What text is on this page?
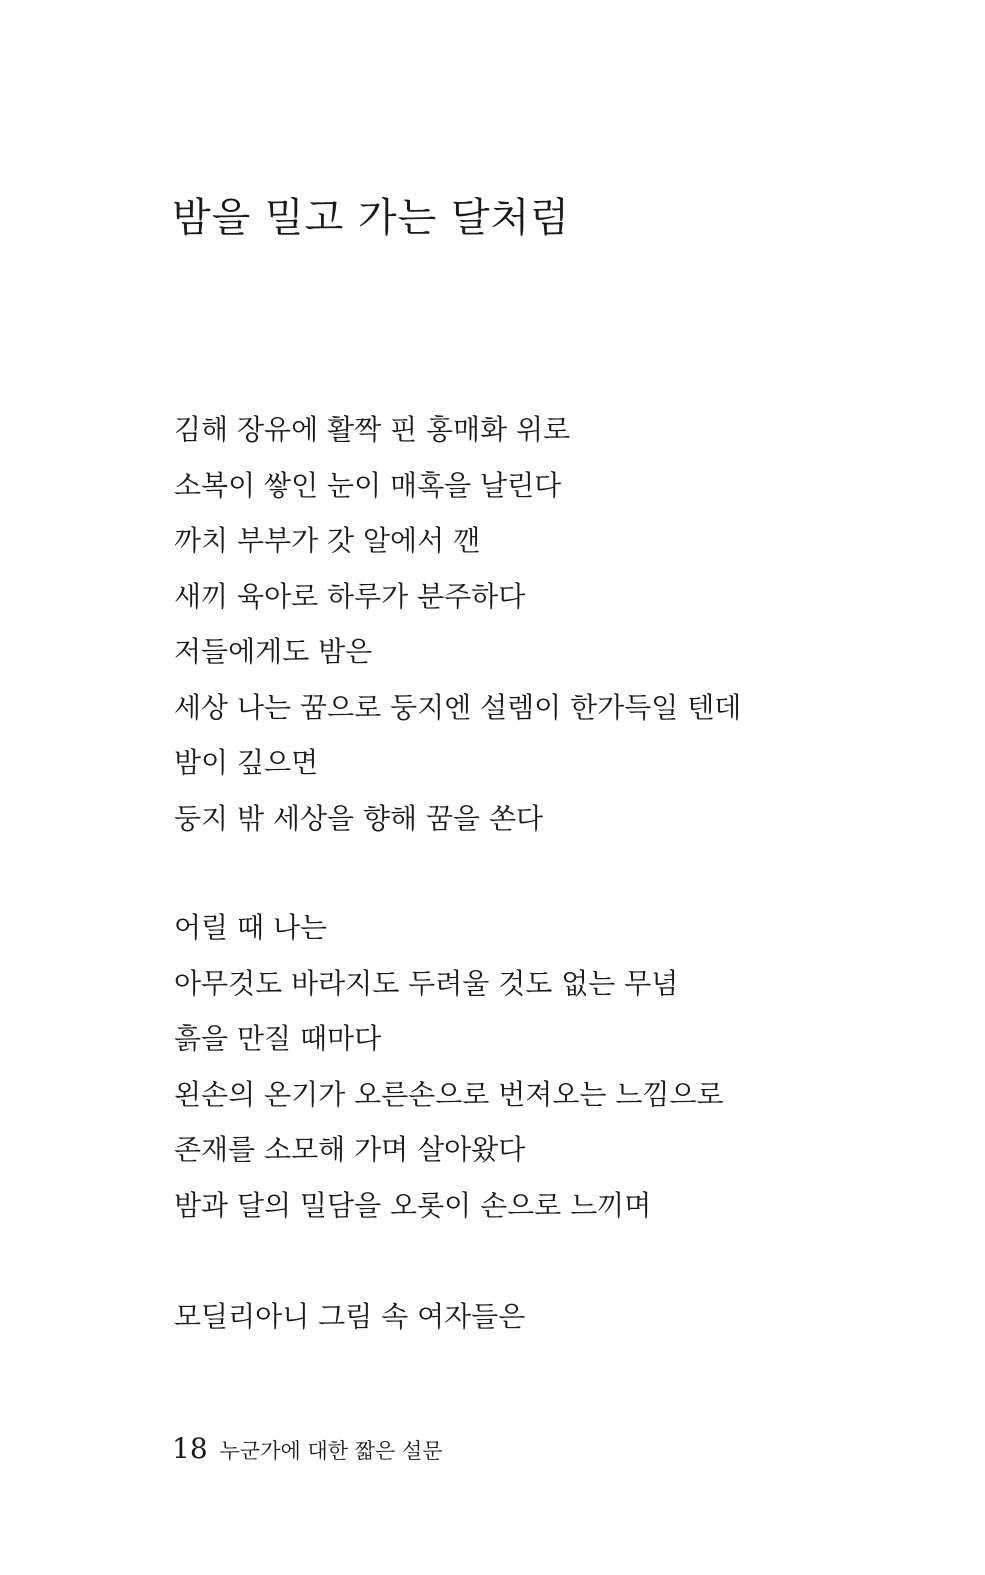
밤을 밀고 가는 달처럼
김해 장유에 활짝 핀 홍매화 위로
소복이 쌓인 눈이 매혹을 날린다
까치 부부가 갓 알에서 깬
새끼 육아로 하루가 분주하다
저들에게도 밤은
세상 나는 꿈으로 둥지엔 설렘이 한가득일 텐데
밤이 깊으면
둥지 밖 세상을 향해 꿈을 쏜다
어릴 때 나는
아무것도 바라지도 두려울 것도 없는 무념
흙을 만질 때마다
왼손의 온기가 오른손으로 번져오는 느낌으로
존재를 소모해 가며 살아왔다
밤과 달의 밀담을 오롯이 손으로 느끼며
모딜리아니 그림 속 여자들은
18 누군가에 대한 짧은 설문
